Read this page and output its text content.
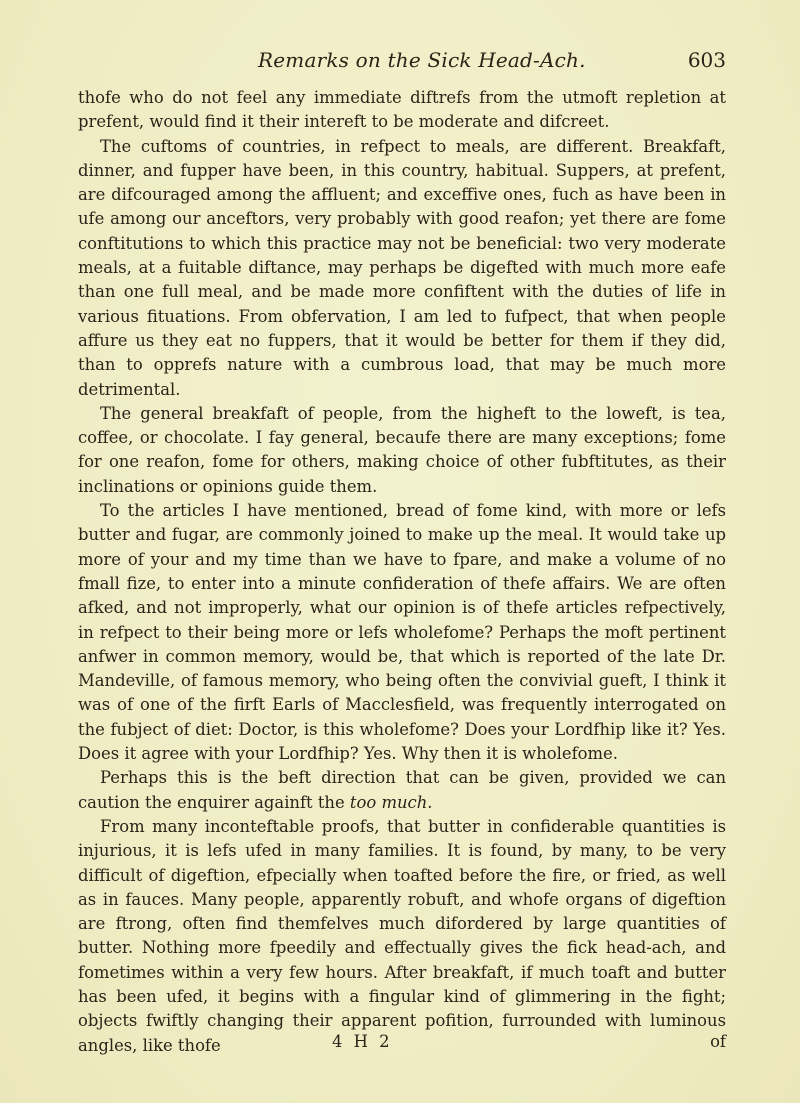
Remarks on the Sick Head-Ach.	603

thofe who do not feel any immediate diftrefs from the utmoft repletion at prefent, would find it their intereft to be moderate and difcreet.

The cuftoms of countries, in refpect to meals, are different. Breakfaft, dinner, and fupper have been, in this country, habitual. Suppers, at prefent, are difcouraged among the affluent; and exceffive ones, fuch as have been in ufe among our anceftors, very probably with good reafon; yet there are fome conftitutions to which this practice may not be beneficial: two very moderate meals, at a fuitable diftance, may perhaps be digefted with much more eafe than one full meal, and be made more confiftent with the duties of life in various fituations. From obfervation, I am led to fufpect, that when people affure us they eat no fuppers, that it would be better for them if they did, than to opprefs nature with a cumbrous load, that may be much more detrimental.

The general breakfaft of people, from the higheft to the loweft, is tea, coffee, or chocolate. I fay general, becaufe there are many exceptions; fome for one reafon, fome for others, making choice of other fubftitutes, as their inclinations or opinions guide them.

To the articles I have mentioned, bread of fome kind, with more or lefs butter and fugar, are commonly joined to make up the meal. It would take up more of your and my time than we have to fpare, and make a volume of no fmall fize, to enter into a minute confideration of thefe affairs. We are often afked, and not improperly, what our opinion is of thefe articles refpectively, in refpect to their being more or lefs wholefome? Perhaps the moft pertinent anfwer in common memory, would be, that which is reported of the late Dr. Mandeville, of famous memory, who being often the convivial gueft, I think it was of one of the firft Earls of Macclesfield, was frequently interrogated on the fubject of diet: Doctor, is this wholefome? Does your Lordfhip like it? Yes. Does it agree with your Lordfhip? Yes. Why then it is wholefome.

Perhaps this is the beft direction that can be given, provided we can caution the enquirer againft the too much.

From many inconteftable proofs, that butter in confiderable quantities is injurious, it is lefs ufed in many families. It is found, by many, to be very difficult of digeftion, efpecially when toafted before the fire, or fried, as well as in fauces. Many people, apparently robuft, and whofe organs of digeftion are ftrong, often find themfelves much difordered by large quantities of butter. Nothing more fpeedily and effectually gives the fick head-ach, and fometimes within a very few hours. After breakfaft, if much toaft and butter has been ufed, it begins with a fingular kind of glimmering in the fight; objects fwiftly changing their apparent pofition, furrounded with luminous angles, like thofe	4 H 2	of
